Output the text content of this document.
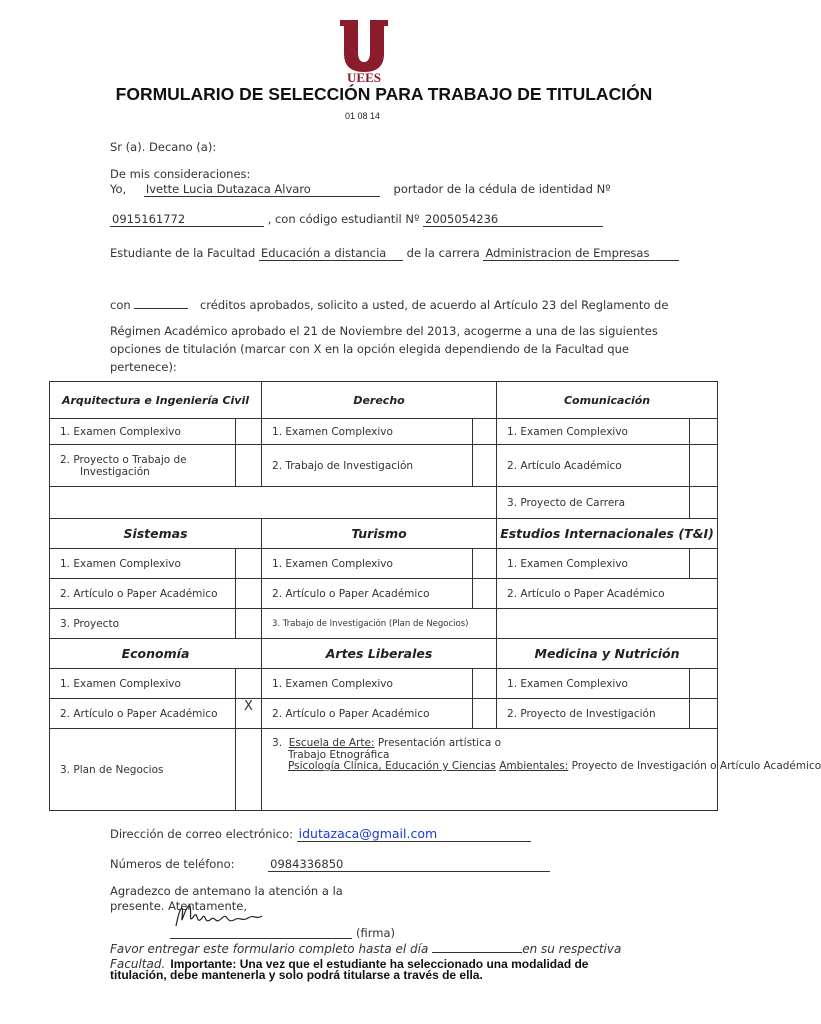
UEES
FORMULARIO DE SELECCIÓN PARA TRABAJO DE TITULACIÓN
01 08 14
Sr (a). Decano (a):
De mis consideraciones:
Yo, Ivette Lucia Dutazaca Alvaro	portador de la cédula de identidad Nº
0915161772	, con código estudiantil Nº 2005054236
Estudiante de la Facultad Educación a distancia de la carrera Administracion de Empresas
con	créditos aprobados, solicito a usted, de acuerdo al Artículo 23 del Reglamento de
Régimen Académico aprobado el 21 de Noviembre del 2013, acogerme a una de las siguientes
opciones de titulación (marcar con X en la opción elegida dependiendo de la Facultad que
pertenece):
Arquitectura e Ingeniería Civil		Derecho		Comunicación	
1. Examen Complexivo		1. Examen Complexivo		1. Examen Complexivo	

2. Proyecto o Trabajo de
Investigación		2. Trabajo de Investigación		2. Artículo Académico	
				3. Proyecto de Carrera	
Sistemas		Turismo		Estudios Internacionales (T&I)	
1. Examen Complexivo		1. Examen Complexivo		1. Examen Complexivo	
2. Artículo o Paper Académico		2. Artículo o Paper Académico		2. Artículo o Paper Académico	
3. Proyecto		3. Trabajo de Investigación (Plan de Negocios)			
Economía		Artes Liberales		Medicina y Nutrición	
1. Examen Complexivo		1. Examen Complexivo		1. Examen Complexivo	
2. Artículo o Paper Académico	X	2. Artículo o Paper Académico		2. Proyecto de Investigación	
3. Plan de Negocios		3. Escuela de Arte: Presentación artística o
Trabajo Etnográfica
Psicología Clínica, Educación y Ciencias Ambientales: Proyecto de Investigación o Artículo Académico			
Dirección de correo electrónico: idutazaca@gmail.com
Números de teléfono:	0984336850
Agradezco de antemano la atención a la
presente. Atentamente,
(firma)
Favor entregar este formulario completo hasta el día	en su respectiva
Facultad. Importante: Una vez que el estudiante ha seleccionado una modalidad de
titulación, debe mantenerla y solo podrá titularse a través de ella.
